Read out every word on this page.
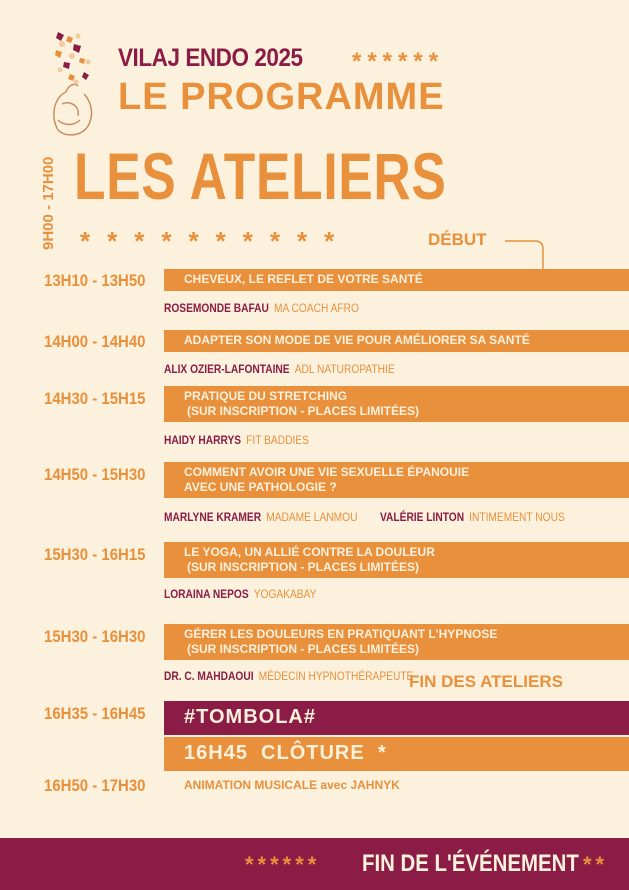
VILAJ ENDO 2025 ******
LE PROGRAMME
9H00 - 17H00 LES ATELIERS
**********	DÉBUT
13H10 - 13H50	CHEVEUX, LE REFLET DE VOTRE SANTÉ
ROSEMONDE BAFAU MA COACH AFRO
14H00 - 14H40	ADAPTER SON MODE DE VIE POUR AMÉLIORER SA SANTÉ
ALIX OZIER-LAFONTAINE ADL NATUROPATHIE
14H30 - 15H15	PRATIQUE DU STRETCHING
(SUR INSCRIPTION - PLACES LIMITÉES)
HAIDY HARRYS FIT BADDIES
14H50 - 15H30	COMMENT AVOIR UNE VIE SEXUELLE ÉPANOUIE
AVEC UNE PATHOLOGIE ?
MARLYNE KRAMER MADAME LANMOU VALÉRIE LINTON INTIMEMENT NOUS
15H30 - 16H15	LE YOGA, UN ALLIÉ CONTRE LA DOULEUR
(SUR INSCRIPTION - PLACES LIMITÉES)
LORAINA NEPOS YOGAKABAY
15H30 - 16H30	GÉRER LES DOULEURS EN PRATIQUANT L'HYPNOSE
(SUR INSCRIPTION - PLACES LIMITÉES)
DR. C. MAHDAOUI MÉDECIN HYPNOTHÉRAPEUTE
FIN DES ATELIERS
16H35 - 16H45	#TOMBOLA#
16H45  CLÔTURE  *
16H50 - 17H30	ANIMATION MUSICALE avec JAHNYK
****** FIN DE L'ÉVÉNEMENT **
